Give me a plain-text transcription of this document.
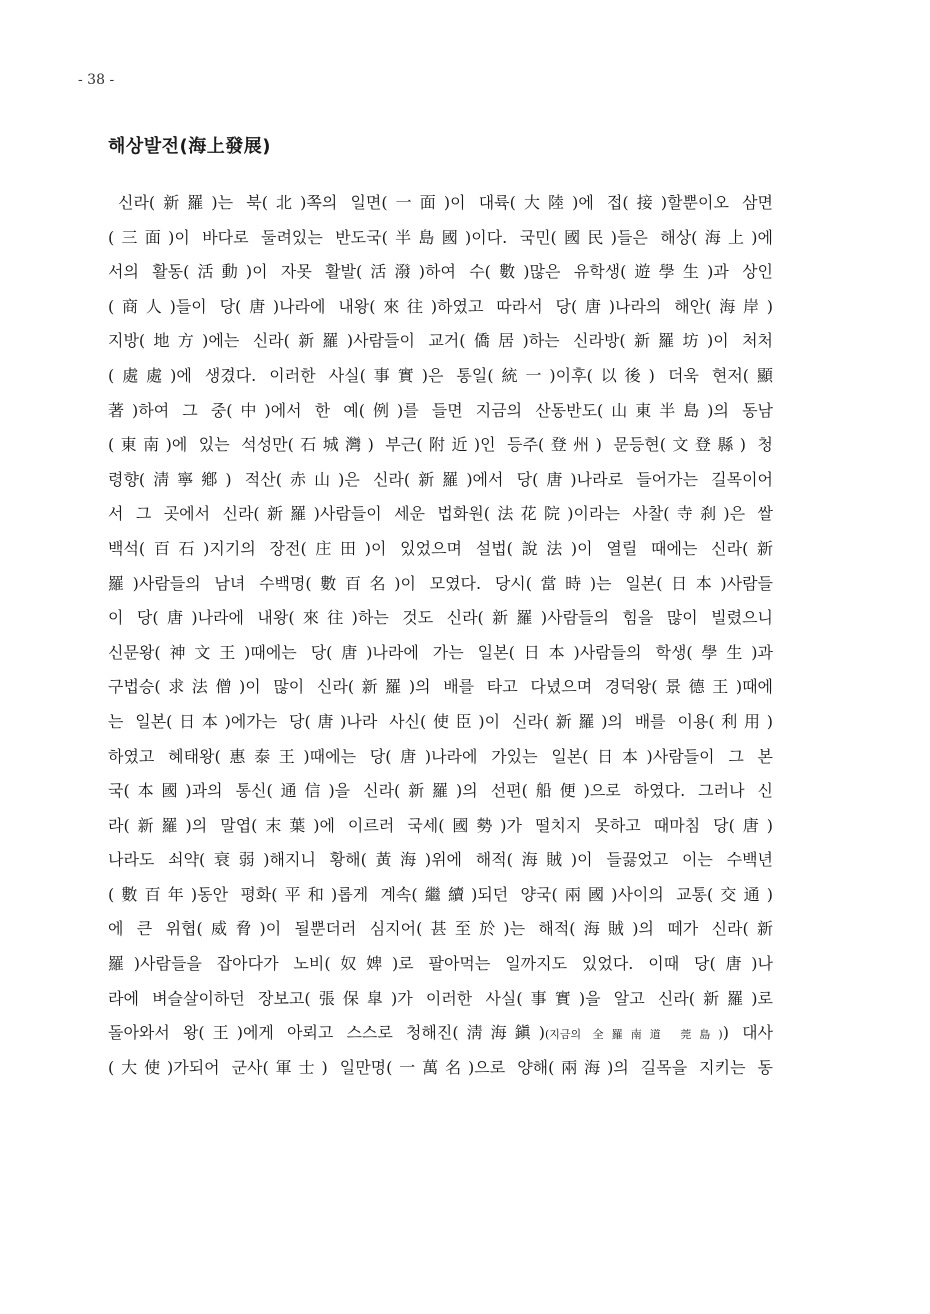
- 38 -
해상발전(海上發展)
신라(新羅)는 북(北)쪽의 일면(一面)이 대륙(大陸)에 접(接)할뿐이오 삼면
(三面)이 바다로 둘려있는 반도국(半島國)이다. 국민(國民)들은 해상(海上)에
서의 활동(活動)이 자못 활발(活潑)하여 수(數)많은 유학생(遊學生)과 상인
(商人)들이 당(唐)나라에 내왕(來往)하였고 따라서 당(唐)나라의 해안(海岸)
지방(地方)에는 신라(新羅)사람들이 교거(僑居)하는 신라방(新羅坊)이 처처
(處處)에 생겼다. 이러한 사실(事實)은 통일(統一)이후(以後) 더욱 현저(顯
著)하여 그 중(中)에서 한 예(例)를 들면 지금의 산동반도(山東半島)의 동남
(東南)에 있는 석성만(石城灣) 부근(附近)인 등주(登州) 문등현(文登縣) 청
령향(淸寧鄕) 적산(赤山)은 신라(新羅)에서 당(唐)나라로 들어가는 길목이어
서 그 곳에서 신라(新羅)사람들이 세운 법화원(法花院)이라는 사찰(寺刹)은 쌀
백석(百石)지기의 장전(庄田)이 있었으며 설법(說法)이 열릴 때에는 신라(新
羅)사람들의 남녀 수백명(數百名)이 모였다. 당시(當時)는 일본(日本)사람들
이 당(唐)나라에 내왕(來往)하는 것도 신라(新羅)사람들의 힘을 많이 빌렸으니
신문왕(神文王)때에는 당(唐)나라에 가는 일본(日本)사람들의 학생(學生)과
구법승(求法僧)이 많이 신라(新羅)의 배를 타고 다녔으며 경덕왕(景德王)때에
는 일본(日本)에가는 당(唐)나라 사신(使臣)이 신라(新羅)의 배를 이용(利用)
하였고 혜태왕(惠泰王)때에는 당(唐)나라에 가있는 일본(日本)사람들이 그 본
국(本國)과의 통신(通信)을 신라(新羅)의 선편(船便)으로 하였다. 그러나 신
라(新羅)의 말엽(末葉)에 이르러 국세(國勢)가 떨치지 못하고 때마침 당(唐)
나라도 쇠약(衰弱)해지니 황해(黃海)위에 해적(海賊)이 들끓었고 이는 수백년
(數百年)동안 평화(平和)롭게 계속(繼續)되던 양국(兩國)사이의 교통(交通)
에 큰 위협(威脅)이 될뿐더러 심지어(甚至於)는 해적(海賊)의 떼가 신라(新
羅)사람들을 잡아다가 노비(奴婢)로 팔아먹는 일까지도 있었다. 이때 당(唐)나
라에 벼슬살이하던 장보고(張保皐)가 이러한 사실(事實)을 알고 신라(新羅)로
돌아와서 왕(王)에게 아뢰고 스스로 청해진(淸海鎭)(지금의 全羅南道 莞島)) 대사
(大使)가되어 군사(軍士) 일만명(一萬名)으로 양해(兩海)의 길목을 지키는 동
